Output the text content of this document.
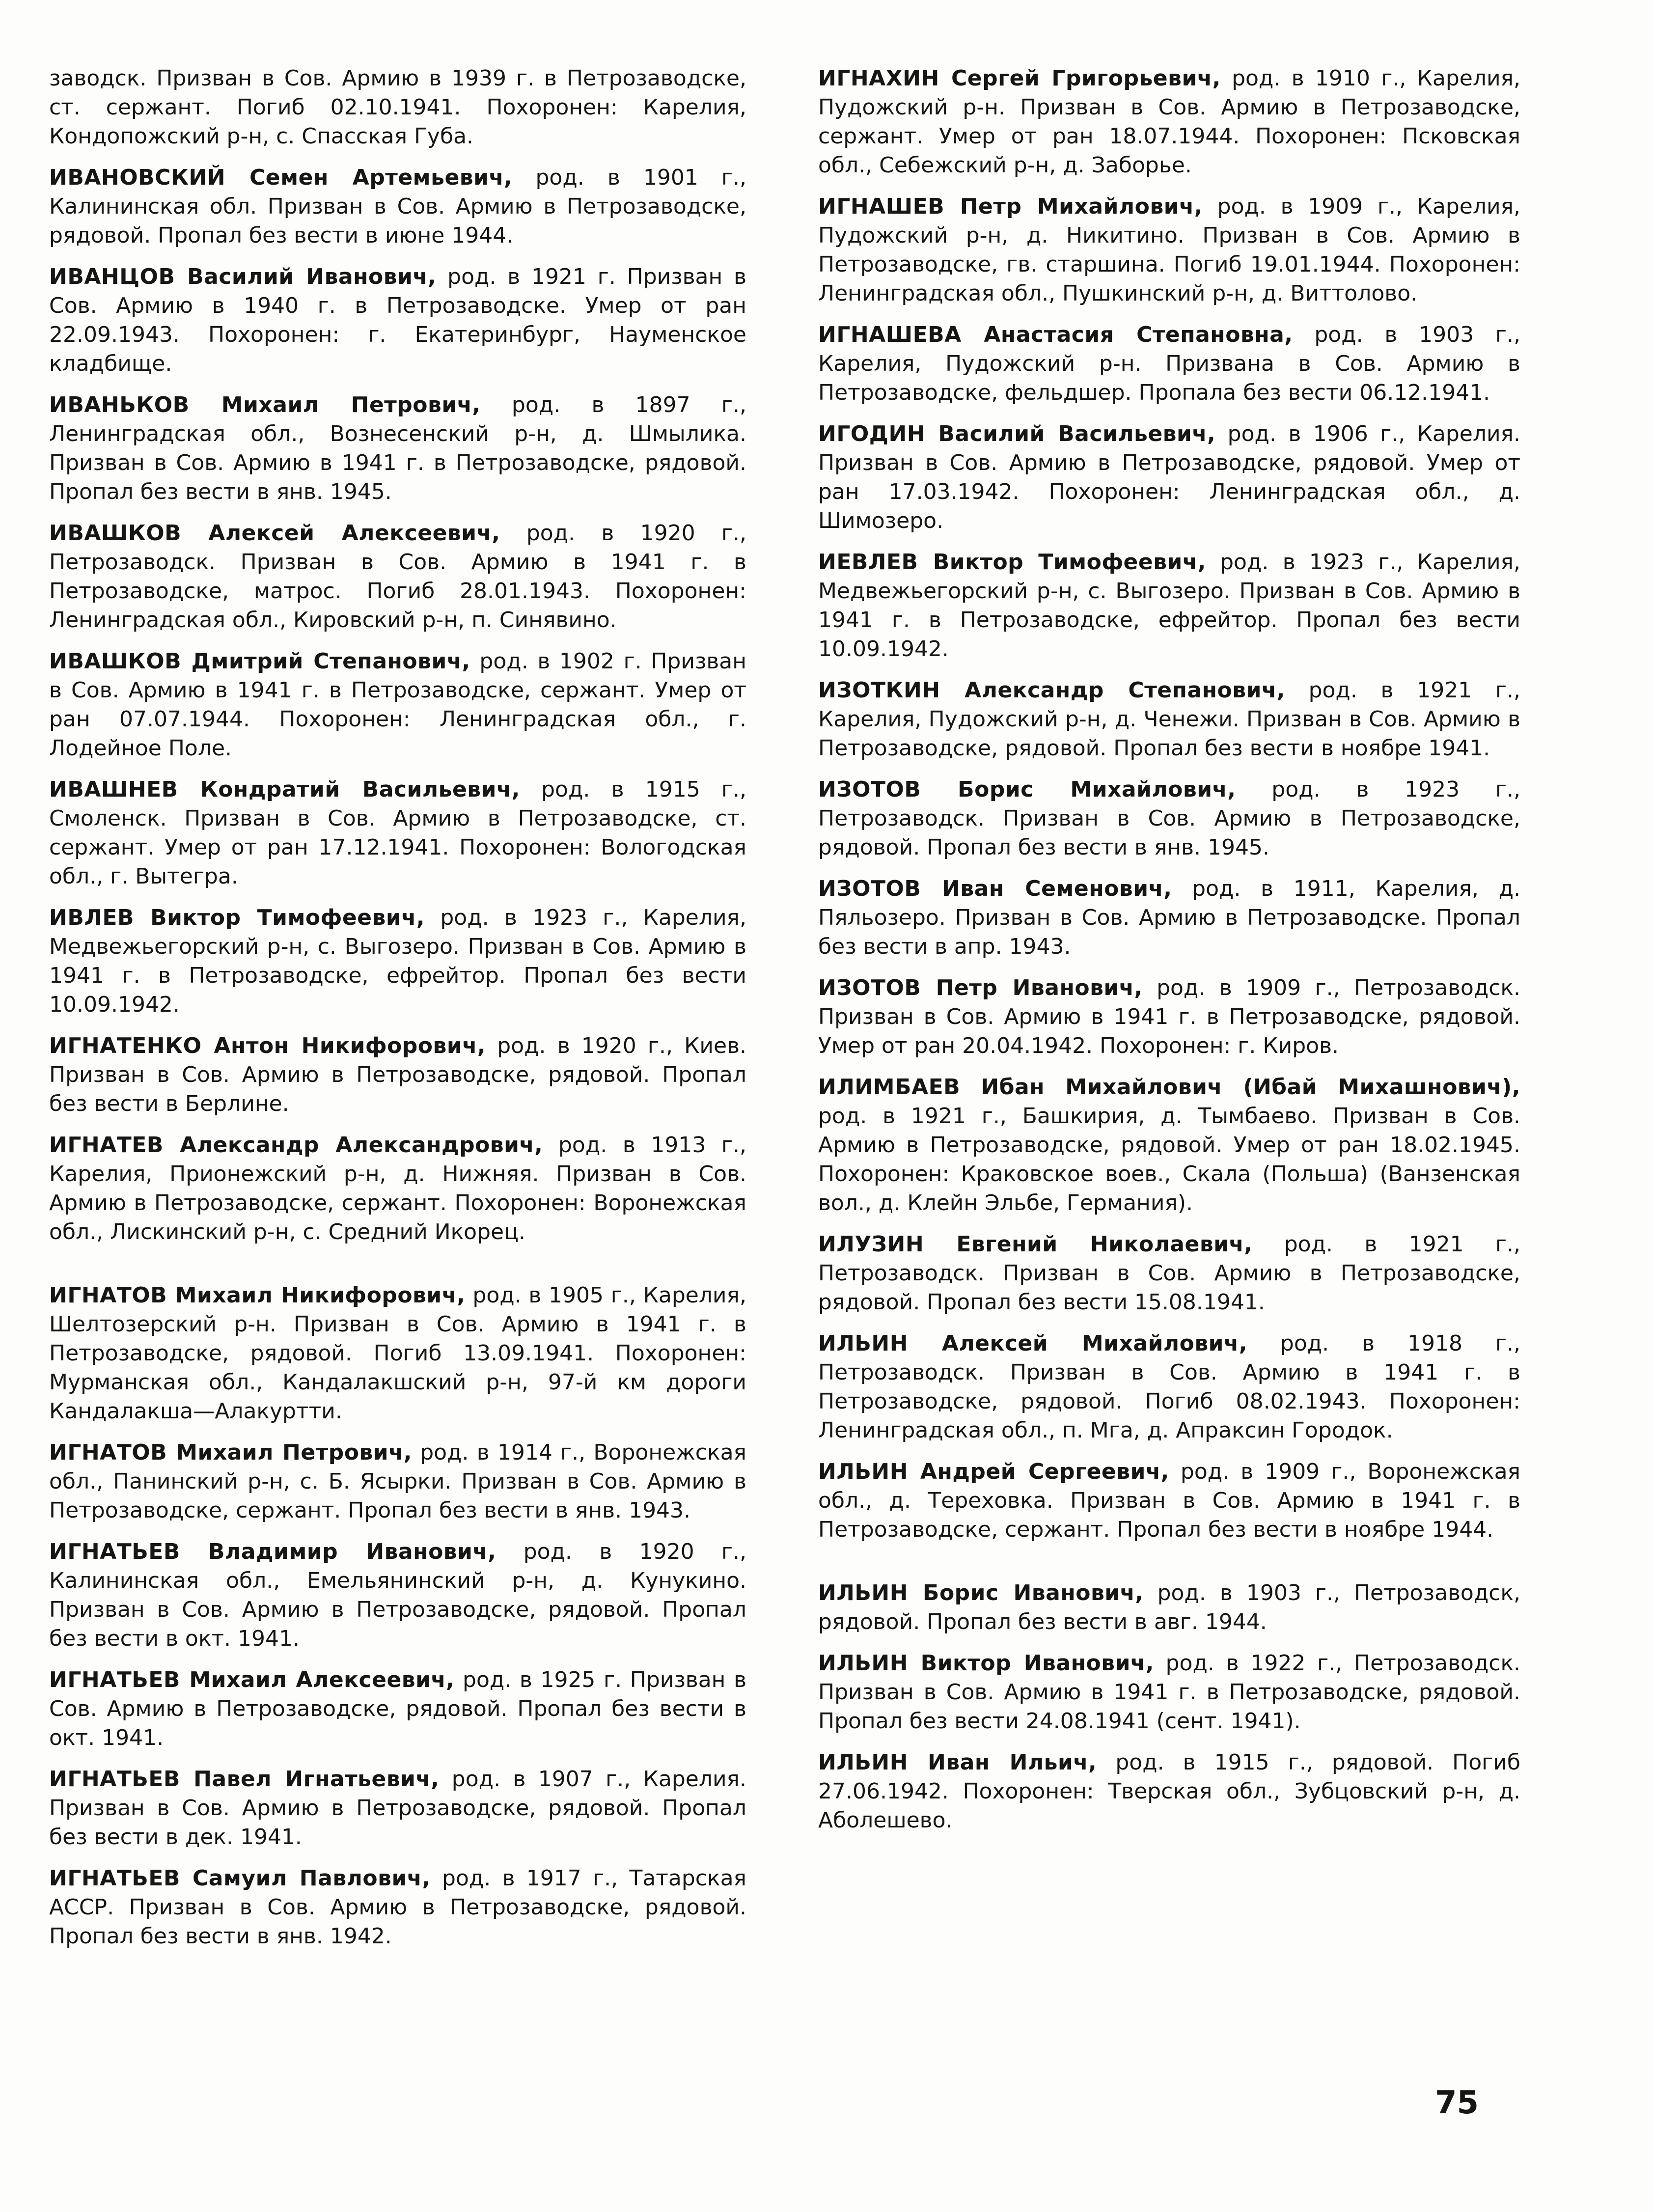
заводск. Призван в Сов. Армию в 1939 г. в Петрозаводске, ст. сержант. Погиб 02.10.1941. Похоронен: Карелия, Кондопожский р-н, с. Спасская Губа.

ИВАНОВСКИЙ Семен Артемьевич, род. в 1901 г., Калининская обл. Призван в Сов. Армию в Петрозаводске, рядовой. Пропал без вести в июне 1944.

ИВАНЦОВ Василий Иванович, род. в 1921 г. Призван в Сов. Армию в 1940 г. в Петрозаводске. Умер от ран 22.09.1943. Похоронен: г. Екатеринбург, Науменское кладбище.

ИВАНЬКОВ Михаил Петрович, род. в 1897 г., Ленинградская обл., Вознесенский р-н, д. Шмылика. Призван в Сов. Армию в 1941 г. в Петрозаводске, рядовой. Пропал без вести в янв. 1945.

ИВАШКОВ Алексей Алексеевич, род. в 1920 г., Петрозаводск. Призван в Сов. Армию в 1941 г. в Петрозаводске, матрос. Погиб 28.01.1943. Похоронен: Ленинградская обл., Кировский р-н, п. Синявино.

ИВАШКОВ Дмитрий Степанович, род. в 1902 г. Призван в Сов. Армию в 1941 г. в Петрозаводске, сержант. Умер от ран 07.07.1944. Похоронен: Ленинградская обл., г. Лодейное Поле.

ИВАШНЕВ Кондратий Васильевич, род. в 1915 г., Смоленск. Призван в Сов. Армию в Петрозаводске, ст. сержант. Умер от ран 17.12.1941. Похоронен: Вологодская обл., г. Вытегра.

ИВЛЕВ Виктор Тимофеевич, род. в 1923 г., Карелия, Медвежьегорский р-н, с. Выгозеро. Призван в Сов. Армию в 1941 г. в Петрозаводске, ефрейтор. Пропал без вести 10.09.1942.

ИГНАТЕНКО Антон Никифорович, род. в 1920 г., Киев. Призван в Сов. Армию в Петрозаводске, рядовой. Пропал без вести в Берлине.

ИГНАТЕВ Александр Александрович, род. в 1913 г., Карелия, Прионежский р-н, д. Нижняя. Призван в Сов. Армию в Петрозаводске, сержант. Похоронен: Воронежская обл., Лискинский р-н, с. Средний Икорец.

ИГНАТОВ Михаил Никифорович, род. в 1905 г., Карелия, Шелтозерский р-н. Призван в Сов. Армию в 1941 г. в Петрозаводске, рядовой. Погиб 13.09.1941. Похоронен: Мурманская обл., Кандалакшский р-н, 97-й км дороги Кандалакша—Алакуртти.

ИГНАТОВ Михаил Петрович, род. в 1914 г., Воронежская обл., Панинский р-н, с. Б. Ясырки. Призван в Сов. Армию в Петрозаводске, сержант. Пропал без вести в янв. 1943.

ИГНАТЬЕВ Владимир Иванович, род. в 1920 г., Калининская обл., Емельянинский р-н, д. Кунукино. Призван в Сов. Армию в Петрозаводске, рядовой. Пропал без вести в окт. 1941.

ИГНАТЬЕВ Михаил Алексеевич, род. в 1925 г. Призван в Сов. Армию в Петрозаводске, рядовой. Пропал без вести в окт. 1941.

ИГНАТЬЕВ Павел Игнатьевич, род. в 1907 г., Карелия. Призван в Сов. Армию в Петрозаводске, рядовой. Пропал без вести в дек. 1941.

ИГНАТЬЕВ Самуил Павлович, род. в 1917 г., Татарская АССР. Призван в Сов. Армию в Петрозаводске, рядовой. Пропал без вести в янв. 1942.

ИГНАХИН Сергей Григорьевич, род. в 1910 г., Карелия, Пудожский р-н. Призван в Сов. Армию в Петрозаводске, сержант. Умер от ран 18.07.1944. Похоронен: Псковская обл., Себежский р-н, д. Заборье.

ИГНАШЕВ Петр Михайлович, род. в 1909 г., Карелия, Пудожский р-н, д. Никитино. Призван в Сов. Армию в Петрозаводске, гв. старшина. Погиб 19.01.1944. Похоронен: Ленинградская обл., Пушкинский р-н, д. Виттолово.

ИГНАШЕВА Анастасия Степановна, род. в 1903 г., Карелия, Пудожский р-н. Призвана в Сов. Армию в Петрозаводске, фельдшер. Пропала без вести 06.12.1941.

ИГОДИН Василий Васильевич, род. в 1906 г., Карелия. Призван в Сов. Армию в Петрозаводске, рядовой. Умер от ран 17.03.1942. Похоронен: Ленинградская обл., д. Шимозеро.

ИЕВЛЕВ Виктор Тимофеевич, род. в 1923 г., Карелия, Медвежьегорский р-н, с. Выгозеро. Призван в Сов. Армию в 1941 г. в Петрозаводске, ефрейтор. Пропал без вести 10.09.1942.

ИЗОТКИН Александр Степанович, род. в 1921 г., Карелия, Пудожский р-н, д. Ченежи. Призван в Сов. Армию в Петрозаводске, рядовой. Пропал без вести в ноябре 1941.

ИЗОТОВ Борис Михайлович, род. в 1923 г., Петрозаводск. Призван в Сов. Армию в Петрозаводске, рядовой. Пропал без вести в янв. 1945.

ИЗОТОВ Иван Семенович, род. в 1911, Карелия, д. Пяльозеро. Призван в Сов. Армию в Петрозаводске. Пропал без вести в апр. 1943.

ИЗОТОВ Петр Иванович, род. в 1909 г., Петрозаводск. Призван в Сов. Армию в 1941 г. в Петрозаводске, рядовой. Умер от ран 20.04.1942. Похоронен: г. Киров.

ИЛИМБАЕВ Ибан Михайлович (Ибай Михашнович), род. в 1921 г., Башкирия, д. Тымбаево. Призван в Сов. Армию в Петрозаводске, рядовой. Умер от ран 18.02.1945. Похоронен: Краковское воев., Скала (Польша) (Ванзенская вол., д. Клейн Эльбе, Германия).

ИЛУЗИН Евгений Николаевич, род. в 1921 г., Петрозаводск. Призван в Сов. Армию в Петрозаводске, рядовой. Пропал без вести 15.08.1941.

ИЛЬИН Алексей Михайлович, род. в 1918 г., Петрозаводск. Призван в Сов. Армию в 1941 г. в Петрозаводске, рядовой. Погиб 08.02.1943. Похоронен: Ленинградская обл., п. Мга, д. Апраксин Городок.

ИЛЬИН Андрей Сергеевич, род. в 1909 г., Воронежская обл., д. Тереховка. Призван в Сов. Армию в 1941 г. в Петрозаводске, сержант. Пропал без вести в ноябре 1944.

ИЛЬИН Борис Иванович, род. в 1903 г., Петрозаводск, рядовой. Пропал без вести в авг. 1944.

ИЛЬИН Виктор Иванович, род. в 1922 г., Петрозаводск. Призван в Сов. Армию в 1941 г. в Петрозаводске, рядовой. Пропал без вести 24.08.1941 (сент. 1941).

ИЛЬИН Иван Ильич, род. в 1915 г., рядовой. Погиб 27.06.1942. Похоронен: Тверская обл., Зубцовский р-н, д. Аболешево.

75
